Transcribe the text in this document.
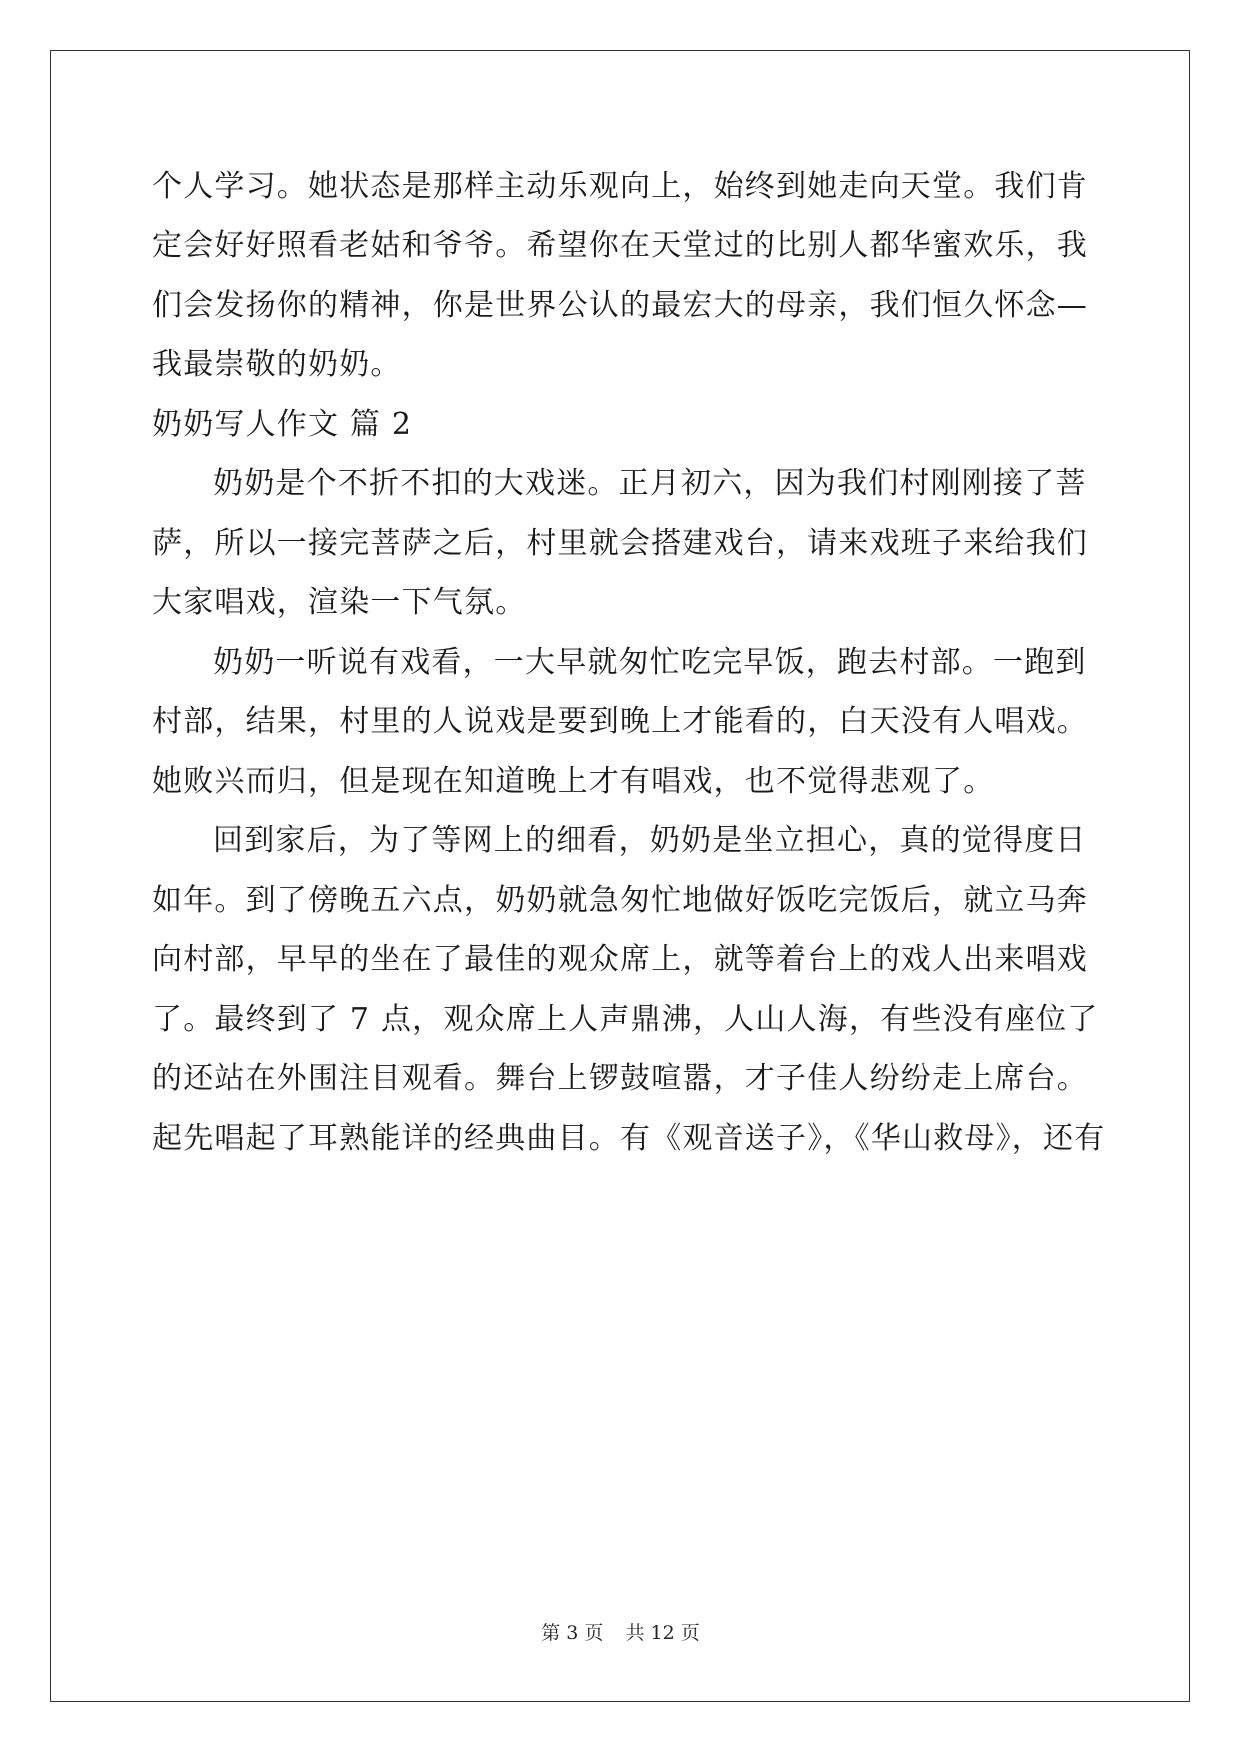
个人学习。她状态是那样主动乐观向上，始终到她走向天堂。我们肯
定会好好照看老姑和爷爷。希望你在天堂过的比别人都华蜜欢乐，我
们会发扬你的精神，你是世界公认的最宏大的母亲，我们恒久怀念—
我最崇敬的奶奶。
奶奶写人作文 篇 2
奶奶是个不折不扣的大戏迷。正月初六，因为我们村刚刚接了菩
萨，所以一接完菩萨之后，村里就会搭建戏台，请来戏班子来给我们
大家唱戏，渲染一下气氛。
奶奶一听说有戏看，一大早就匆忙吃完早饭，跑去村部。一跑到
村部，结果，村里的人说戏是要到晚上才能看的，白天没有人唱戏。
她败兴而归，但是现在知道晚上才有唱戏，也不觉得悲观了。
回到家后，为了等网上的细看，奶奶是坐立担心，真的觉得度日
如年。到了傍晚五六点，奶奶就急匆忙地做好饭吃完饭后，就立马奔
向村部，早早的坐在了最佳的观众席上，就等着台上的戏人出来唱戏
了。最终到了 7 点，观众席上人声鼎沸，人山人海，有些没有座位了
的还站在外围注目观看。舞台上锣鼓喧嚣，才子佳人纷纷走上席台。
起先唱起了耳熟能详的经典曲目。有《观音送子》，《华山救母》，还有
第 3 页 共 12 页
